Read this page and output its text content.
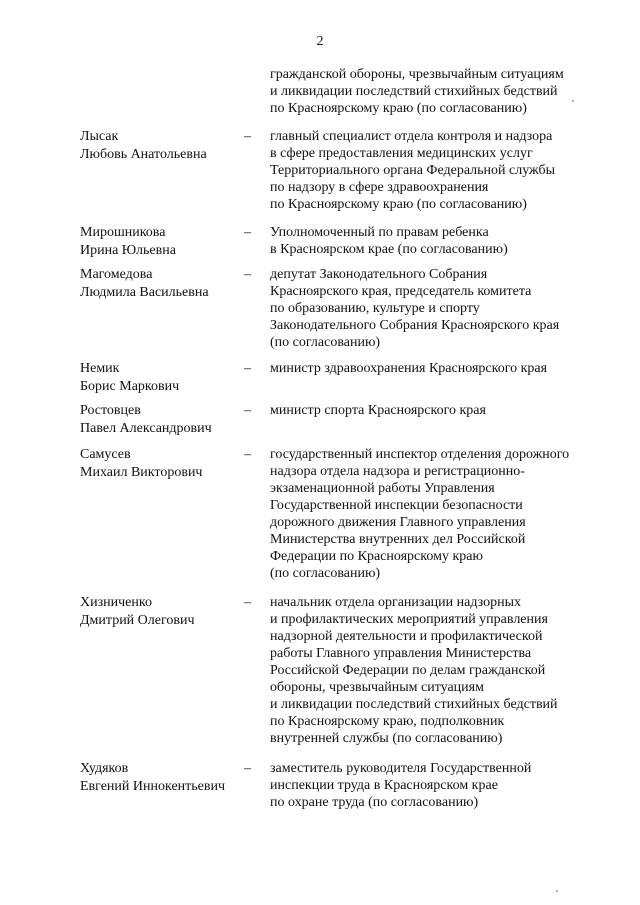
2
гражданской обороны, чрезвычайным ситуациям
и ликвидации последствий стихийных бедствий
по Красноярскому краю (по согласованию)
Лысак
Любовь Анатольевна
–	главный специалист отдела контроля и надзора
в сфере предоставления медицинских услуг
Территориального органа Федеральной службы
по надзору в сфере здравоохранения
по Красноярскому краю (по согласованию)
Мирошникова
Ирина Юльевна
–	Уполномоченный по правам ребенка
в Красноярском крае (по согласованию)
Магомедова
Людмила Васильевна
–	депутат Законодательного Собрания
Красноярского края, председатель комитета
по образованию, культуре и спорту
Законодательного Собрания Красноярского края
(по согласованию)
Немик
Борис Маркович
–	министр здравоохранения Красноярского края
Ростовцев
Павел Александрович
–	министр спорта Красноярского края
Самусев
Михаил Викторович
–	государственный инспектор отделения дорожного
надзора отдела надзора и регистрационно-
экзаменационной работы Управления
Государственной инспекции безопасности
дорожного движения Главного управления
Министерства внутренних дел Российской
Федерации по Красноярскому краю
(по согласованию)
Хизниченко
Дмитрий Олегович
–	начальник отдела организации надзорных
и профилактических мероприятий управления
надзорной деятельности и профилактической
работы Главного управления Министерства
Российской Федерации по делам гражданской
обороны, чрезвычайным ситуациям
и ликвидации последствий стихийных бедствий
по Красноярскому краю, подполковник
внутренней службы (по согласованию)
Худяков
Евгений Иннокентьевич
–	заместитель руководителя Государственной
инспекции труда в Красноярском крае
по охране труда (по согласованию)
